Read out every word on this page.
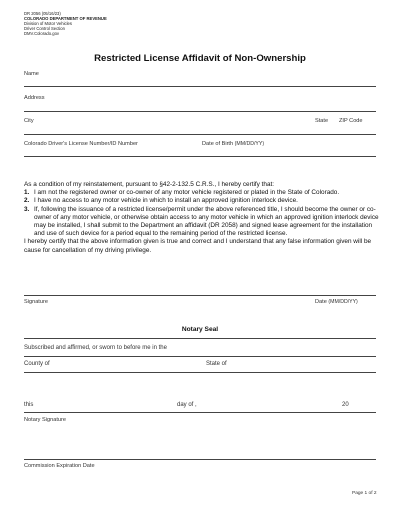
DR 2056 (05/16/23)
COLORADO DEPARTMENT OF REVENUE
Division of Motor Vehicles
Driver Control Section
DMV.Colorado.gov
Restricted License Affidavit of Non-Ownership
Name
Address
City	State ZIP Code
Colorado Driver's License Number/ID Number	Date of Birth (MM/DD/YY)

As a condition of my reinstatement, pursuant to §42-2-132.5 C.R.S., I hereby certify that:

1. I am not the registered owner or co-owner of any motor vehicle registered or plated in the State of Colorado.
2. I have no access to any motor vehicle in which to install an approved ignition interlock device.
3. If, following the issuance of a restricted license/permit under the above referenced title, I should become the owner or co-owner of any motor vehicle, or otherwise obtain access to any motor vehicle in which an approved ignition interlock device may be installed, I shall submit to the Department an affidavit (DR 2058) and signed lease agreement for the installation and use of such device for a period equal to the remaining period of the restricted license.

I hereby certify that the above information given is true and correct and I understand that any false information given will be cause for cancellation of my driving privilege.

Signature	Date (MM/DD/YY)
Notary Seal
Subscribed and affirmed, or sworn to before me in the
County of	State of
this	day of ,	20
Notary Signature
Commission Expiration Date
Page 1 of 2
